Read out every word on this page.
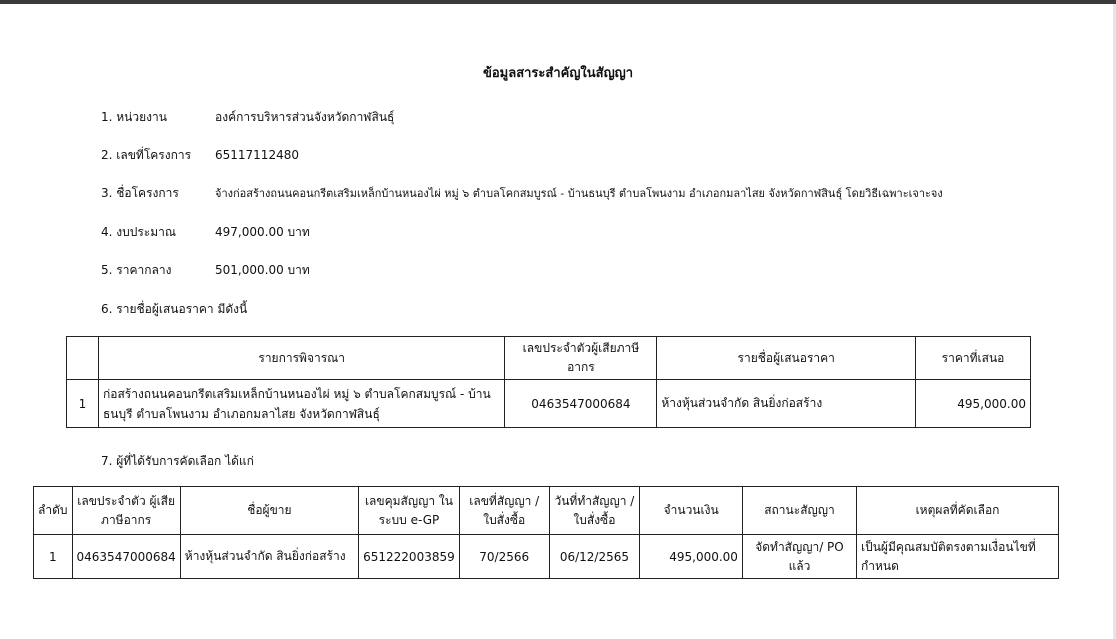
ข้อมูลสาระสำคัญในสัญญา
1. หน่วยงาน	องค์การบริหารส่วนจังหวัดกาฬสินธุ์
2. เลขที่โครงการ 65117112480
3. ชื่อโครงการ	จ้างก่อสร้างถนนคอนกรีตเสริมเหล็กบ้านหนองไผ่ หมู่ ๖ ตำบลโคกสมบูรณ์ - บ้านธนบุรี ตำบลโพนงาม อำเภอกมลาไสย จังหวัดกาฬสินธุ์ โดยวิธีเฉพาะเจาะจง
4. งบประมาณ	497,000.00 บาท
5. ราคากลาง	501,000.00 บาท
6. รายชื่อผู้เสนอราคา มีดังนี้
	รายการพิจารณา	เลขประจำตัวผู้เสียภาษีอากร	รายชื่อผู้เสนอราคา	ราคาที่เสนอ
1	ก่อสร้างถนนคอนกรีตเสริมเหล็กบ้านหนองไผ่ หมู่ ๖ ตำบลโคกสมบูรณ์ - บ้านธนบุรี ตำบลโพนงาม อำเภอกมลาไสย จังหวัดกาฬสินธุ์	0463547000684	ห้างหุ้นส่วนจำกัด สินยิ่งก่อสร้าง	495,000.00
7. ผู้ที่ได้รับการคัดเลือก ได้แก่
ลำดับ	เลขประจำตัว ผู้เสียภาษีอากร	ชื่อผู้ขาย	เลขคุมสัญญา ในระบบ e-GP	เลขที่สัญญา / ใบสั่งซื้อ	วันที่ทำสัญญา / ใบสั่งซื้อ	จำนวนเงิน	สถานะสัญญา	เหตุผลที่คัดเลือก
1	0463547000684	ห้างหุ้นส่วนจำกัด สินยิ่งก่อสร้าง	651222003859	70/2566	06/12/2565	495,000.00	จัดทำสัญญา/ PO แล้ว	เป็นผู้มีคุณสมบัติตรงตามเงื่อนไขที่กำหนด
